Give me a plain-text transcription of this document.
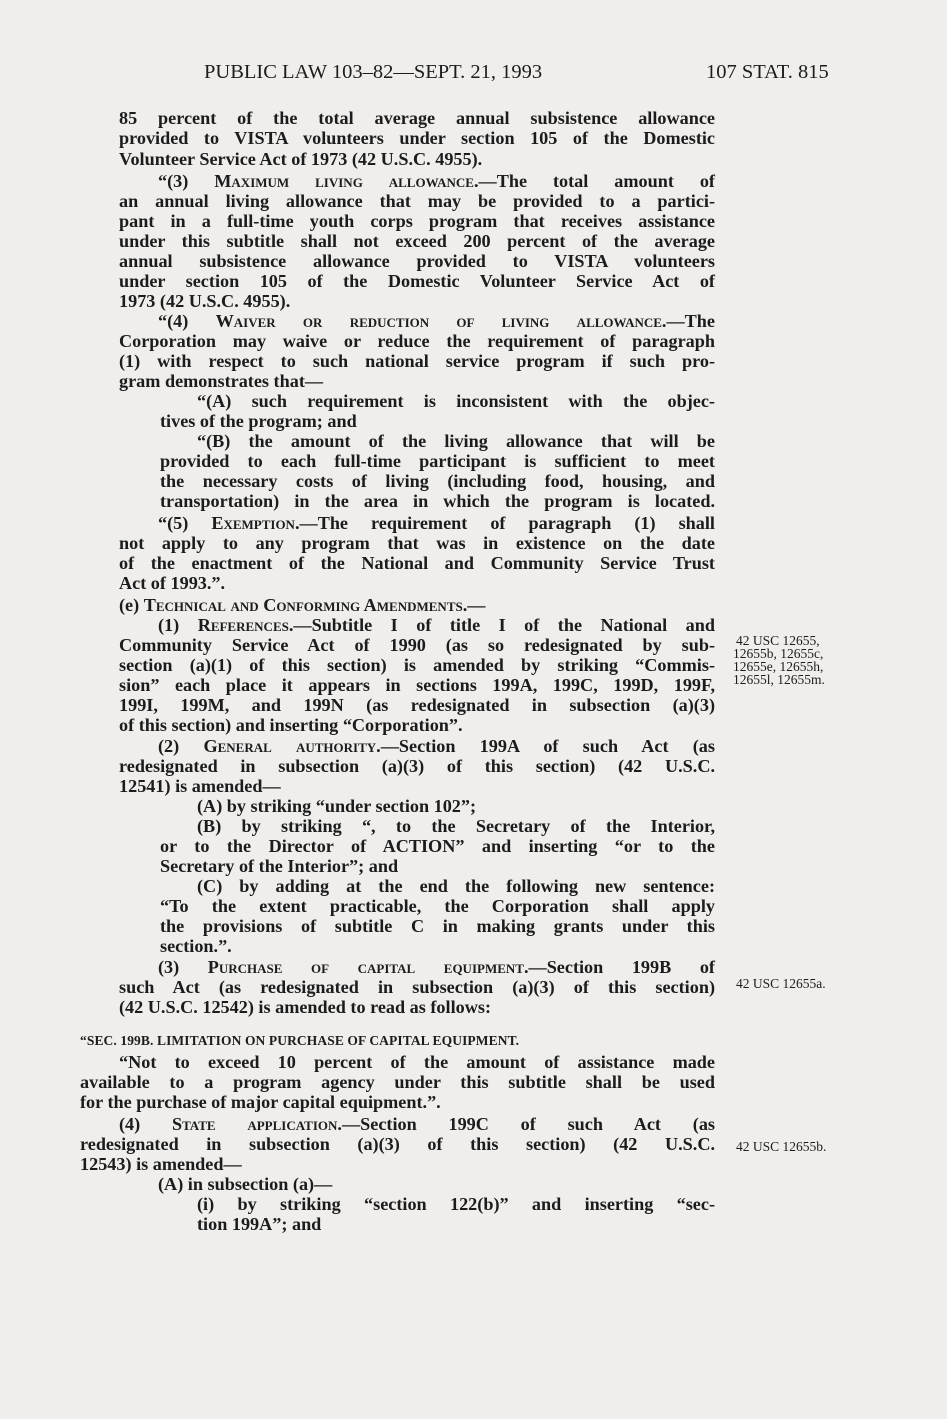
PUBLIC LAW 103–82—SEPT. 21, 1993	107 STAT. 815
85 percent of the total average annual subsistence allowance
provided to VISTA volunteers under section 105 of the Domestic
Volunteer Service Act of 1973 (42 U.S.C. 4955).
“(3) Maximum living allowance.—The total amount of
an annual living allowance that may be provided to a partici-
pant in a full-time youth corps program that receives assistance
under this subtitle shall not exceed 200 percent of the average
annual subsistence allowance provided to VISTA volunteers
under section 105 of the Domestic Volunteer Service Act of
1973 (42 U.S.C. 4955).
“(4) Waiver or reduction of living allowance.—The
Corporation may waive or reduce the requirement of paragraph
(1) with respect to such national service program if such pro-
gram demonstrates that—
“(A) such requirement is inconsistent with the objec-
tives of the program; and
“(B) the amount of the living allowance that will be
provided to each full-time participant is sufficient to meet
the necessary costs of living (including food, housing, and
transportation) in the area in which the program is located.
“(5) Exemption.—The requirement of paragraph (1) shall
not apply to any program that was in existence on the date
of the enactment of the National and Community Service Trust
Act of 1993.”.
(e) Technical and Conforming Amendments.—
(1) References.—Subtitle I of title I of the National and
Community Service Act of 1990 (as so redesignated by sub-
section (a)(1) of this section) is amended by striking “Commis-
sion” each place it appears in sections 199A, 199C, 199D, 199F,
199I, 199M, and 199N (as redesignated in subsection (a)(3)
of this section) and inserting “Corporation”.
(2) General authority.—Section 199A of such Act (as
redesignated in subsection (a)(3) of this section) (42 U.S.C.
12541) is amended—
(A) by striking “under section 102”;
(B) by striking “, to the Secretary of the Interior,
or to the Director of ACTION” and inserting “or to the
Secretary of the Interior”; and
(C) by adding at the end the following new sentence:
“To the extent practicable, the Corporation shall apply
the provisions of subtitle C in making grants under this
section.”.
(3) Purchase of capital equipment.—Section 199B of
such Act (as redesignated in subsection (a)(3) of this section)
(42 U.S.C. 12542) is amended to read as follows:
“SEC. 199B. LIMITATION ON PURCHASE OF CAPITAL EQUIPMENT.
“Not to exceed 10 percent of the amount of assistance made
available to a program agency under this subtitle shall be used
for the purchase of major capital equipment.”.
(4) State application.—Section 199C of such Act (as
redesignated in subsection (a)(3) of this section) (42 U.S.C.
12543) is amended—
(A) in subsection (a)—
(i) by striking “section 122(b)” and inserting “sec-
tion 199A”; and
42 USC 12655,
12655b, 12655c,
12655e, 12655h,
12655l, 12655m.
42 USC 12655a.
42 USC 12655b.
